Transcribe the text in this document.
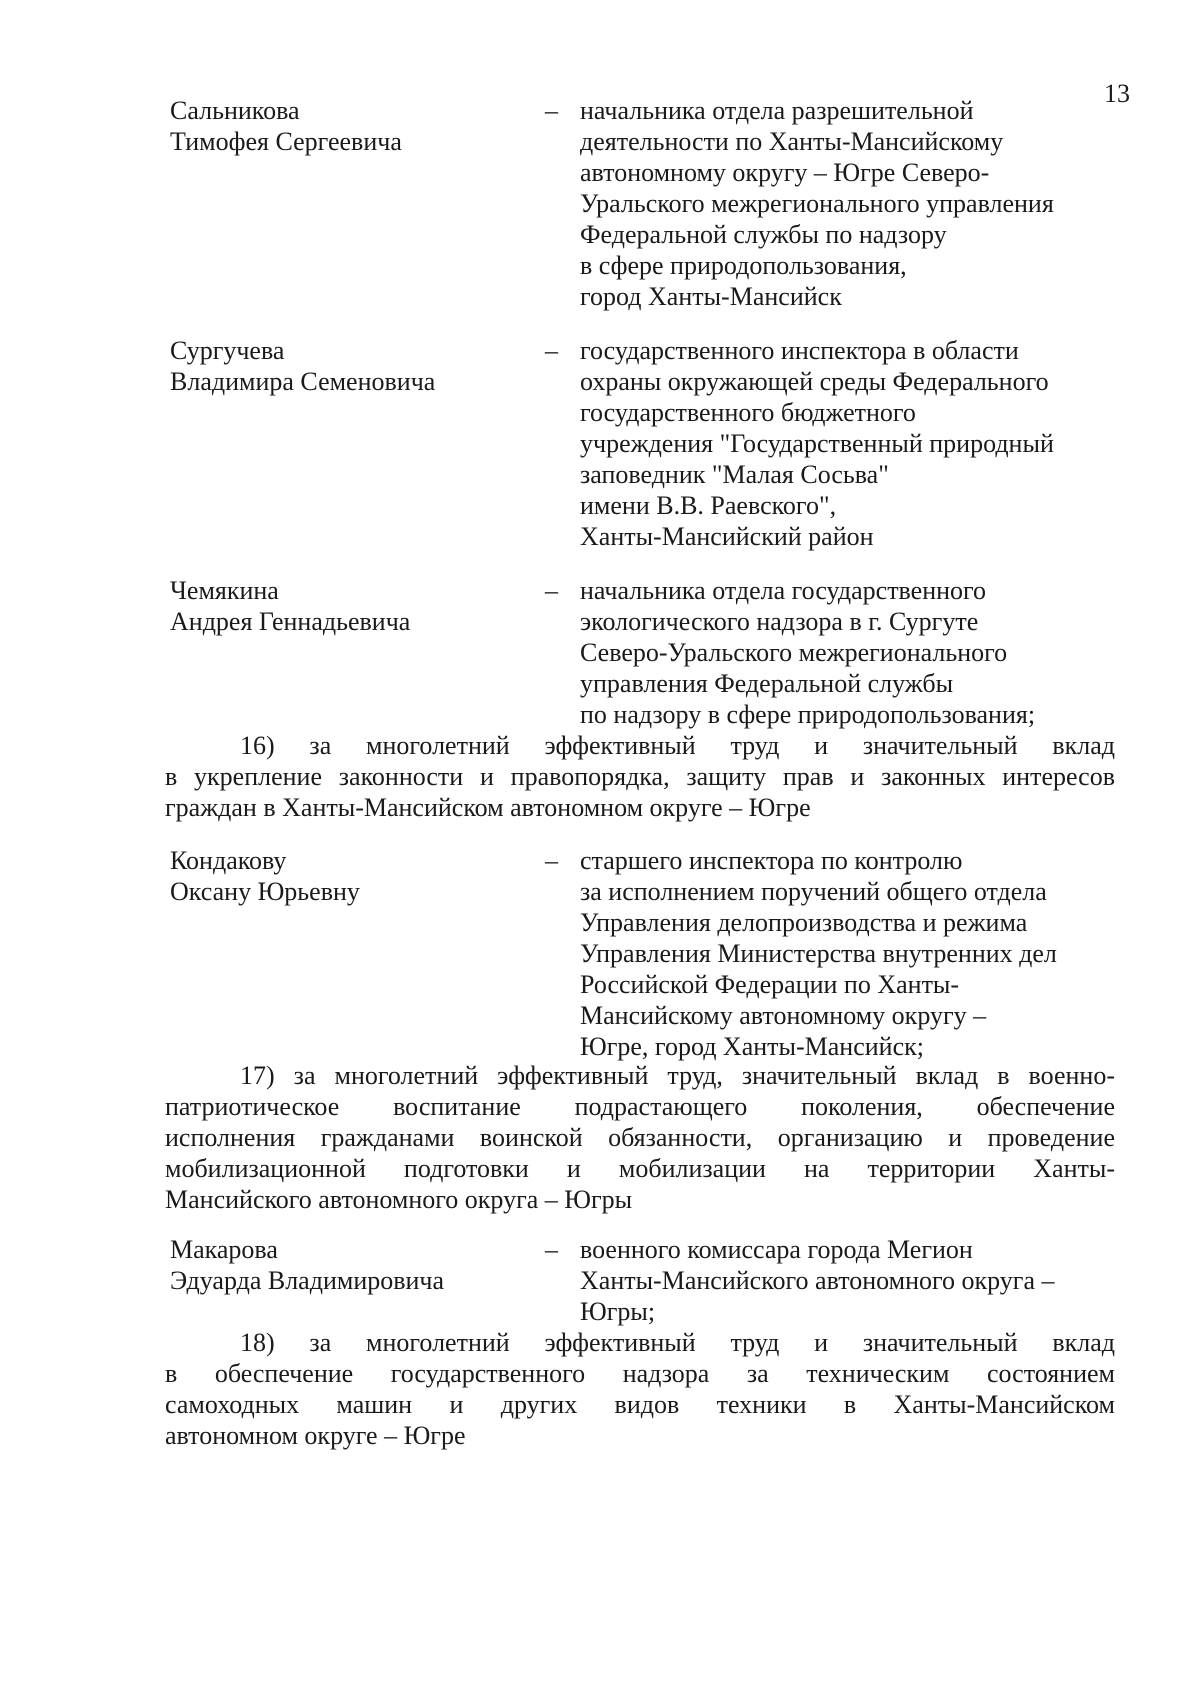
13
Сальникова
Тимофея Сергеевича
– начальника отдела разрешительной
деятельности по Ханты-Мансийскому
автономному округу – Югре Северо-
Уральского межрегионального управления
Федеральной службы по надзору
в сфере природопользования,
город Ханты-Мансийск
Сургучева
Владимира Семеновича
– государственного инспектора в области
охраны окружающей среды Федерального
государственного бюджетного
учреждения "Государственный природный
заповедник "Малая Сосьва"
имени В.В. Раевского",
Ханты-Мансийский район
Чемякина
Андрея Геннадьевича
– начальника отдела государственного
экологического надзора в г. Сургуте
Северо-Уральского межрегионального
управления Федеральной службы
по надзору в сфере природопользования;
16) за многолетний эффективный труд и значительный вклад
в укрепление законности и правопорядка, защиту прав и законных интересов
граждан в Ханты-Мансийском автономном округе – Югре
Кондакову
Оксану Юрьевну
– старшего инспектора по контролю
за исполнением поручений общего отдела
Управления делопроизводства и режима
Управления Министерства внутренних дел
Российской Федерации по Ханты-
Мансийскому автономному округу –
Югре, город Ханты-Мансийск;
17) за многолетний эффективный труд, значительный вклад в военно-
патриотическое воспитание подрастающего поколения, обеспечение
исполнения гражданами воинской обязанности, организацию и проведение
мобилизационной подготовки и мобилизации на территории Ханты-
Мансийского автономного округа – Югры
Макарова
Эдуарда Владимировича
– военного комиссара города Мегион
Ханты-Мансийского автономного округа –
Югры;
18) за многолетний эффективный труд и значительный вклад
в обеспечение государственного надзора за техническим состоянием
самоходных машин и других видов техники в Ханты-Мансийском
автономном округе – Югре
